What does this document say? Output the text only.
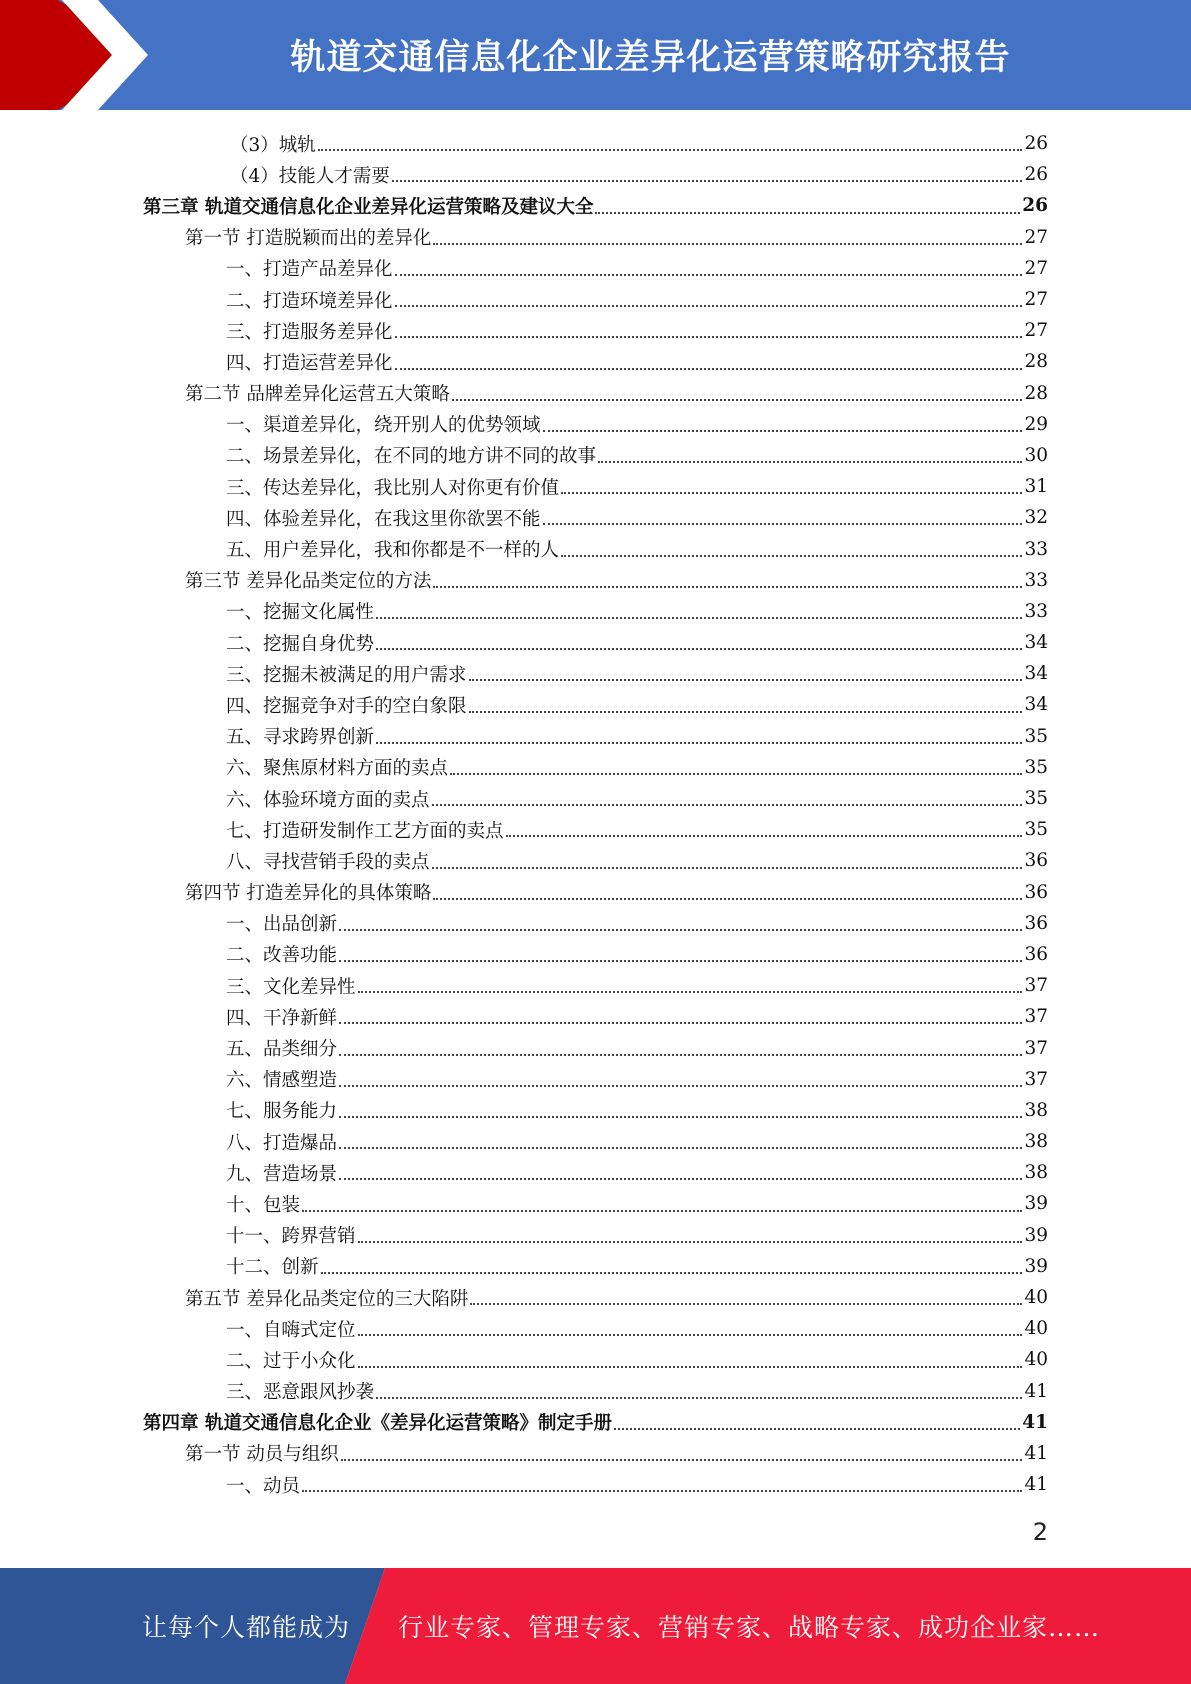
轨道交通信息化企业差异化运营策略研究报告
（3）城轨	26
（4）技能人才需要	26
第三章 轨道交通信息化企业差异化运营策略及建议大全	26
第一节 打造脱颖而出的差异化	27
一、打造产品差异化	27
二、打造环境差异化	27
三、打造服务差异化	27
四、打造运营差异化	28
第二节 品牌差异化运营五大策略	28
一、渠道差异化，绕开别人的优势领域	29
二、场景差异化，在不同的地方讲不同的故事	30
三、传达差异化，我比别人对你更有价值	31
四、体验差异化，在我这里你欲罢不能	32
五、用户差异化，我和你都是不一样的人	33
第三节 差异化品类定位的方法	33
一、挖掘文化属性	33
二、挖掘自身优势	34
三、挖掘未被满足的用户需求	34
四、挖掘竞争对手的空白象限	34
五、寻求跨界创新	35
六、聚焦原材料方面的卖点	35
六、体验环境方面的卖点	35
七、打造研发制作工艺方面的卖点	35
八、寻找营销手段的卖点	36
第四节 打造差异化的具体策略	36
一、出品创新	36
二、改善功能	36
三、文化差异性	37
四、干净新鲜	37
五、品类细分	37
六、情感塑造	37
七、服务能力	38
八、打造爆品	38
九、营造场景	38
十、包装	39
十一、跨界营销	39
十二、创新	39
第五节 差异化品类定位的三大陷阱	40
一、自嗨式定位	40
二、过于小众化	40
三、恶意跟风抄袭	41
第四章 轨道交通信息化企业《差异化运营策略》制定手册	41
第一节 动员与组织	41
一、动员	41
2
让每个人都能成为 行业专家、管理专家、营销专家、战略专家、成功企业家……
